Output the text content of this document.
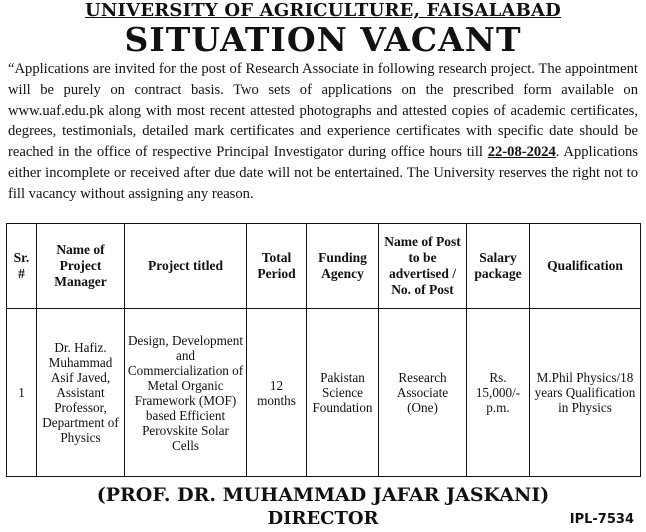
UNIVERSITY OF AGRICULTURE, FAISALABAD
SITUATION VACANT
“Applications are invited for the post of Research Associate in following research project. The appointment will be purely on contract basis. Two sets of applications on the prescribed form available on www.uaf.edu.pk along with most recent attested photographs and attested copies of academic certificates, degrees, testimonials, detailed mark certificates and experience certificates with specific date should be reached in the office of respective Principal Investigator during office hours till 22-08-2024. Applications either incomplete or received after due date will not be entertained. The University reserves the right not to fill vacancy without assigning any reason.
Sr. #	Name of Project Manager	Project titled	Total Period	Funding Agency	Name of Post to be advertised / No. of Post	Salary package	Qualification
1	Dr. Hafiz. Muhammad Asif Javed, Assistant Professor, Department of Physics	Design, Development and Commercialization of Metal Organic Framework (MOF) based Efficient Perovskite Solar Cells	12 months	Pakistan Science Foundation	Research Associate (One)	Rs. 15,000/- p.m.	M.Phil Physics/18 years Qualification in Physics
(PROF. DR. MUHAMMAD JAFAR JASKANI)
DIRECTOR	IPL-7534
